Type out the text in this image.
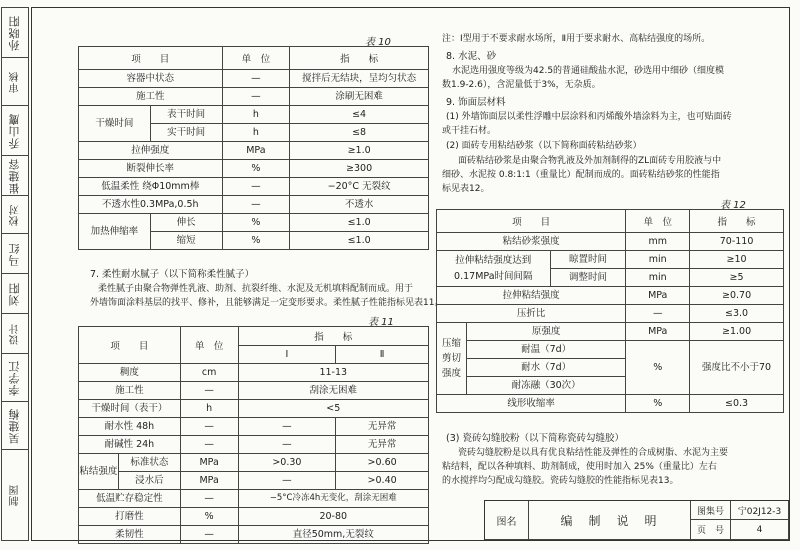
孙晓阳
审核
乔山鹰
崔建容
校对
马红
刘阳
设计
李学江
吴建梅
制图
表 10
项　　目		单　位	指　　标
容器中状态		—	搅拌后无结块，呈均匀状态
施工性		—	涂刷无困难
干燥时间	表干时间	h	≤4
	实干时间	h	≤8
拉伸强度		MPa	≥1.0
断裂伸长率		%	≥300
低温柔性 绕Φ10mm棒		—	−20°C 无裂纹
不透水性0.3MPa,0.5h		—	不透水
加热伸缩率	伸长	%	≤1.0
	缩短	%	≤1.0
7. 柔性耐水腻子（以下简称柔性腻子）
柔性腻子由聚合物弹性乳液、助剂、抗裂纤维、水泥及无机填料配制而成。用于
外墙饰面涂料基层的找平、修补，且能够满足一定变形要求。柔性腻子性能指标见表11。
表 11
项　　目		单　位	指　　标	
			Ⅰ	Ⅱ
稠度		cm	11-13	
施工性		—	刮涂无困难	
干燥时间（表干）		h	<5	
耐水性 48h		—	—	无异常
耐碱性 24h		—	—	无异常
粘结强度	标准状态	MPa	>0.30	>0.60
	浸水后	MPa	—	>0.40
低温贮存稳定性		—	−5°C冷冻4h无变化，刮涂无困难	
打磨性		%	20-80	
柔韧性		—	直径50mm,无裂纹	
注：Ⅰ型用于不要求耐水场所，Ⅱ用于要求耐水、高粘结强度的场所。
8. 水泥、砂
水泥选用强度等级为42.5的普通硅酸盐水泥，砂选用中细砂（细度模
数1.9-2.6），含泥量低于3%，无杂质。
9. 饰面层材料
(1) 外墙饰面层以柔性浮雕中层涂料和丙烯酸外墙涂料为主，也可贴面砖
或干挂石材。
(2) 面砖专用粘结砂浆（以下简称面砖粘结砂浆）
面砖粘结砂浆是由聚合物乳液及外加剂制得的ZL面砖专用胶液与中
细砂、水泥按 0.8:1:1（重量比）配制而成的。面砖粘结砂浆的性能指
标见表12。
表 12
项　　目			单　位	指　　标
粘结砂浆强度			mm	70-110
拉伸粘结强度达到0.17MPa时间间隔		晾置时间	min	≥10
		调整时间	min	≥5
拉伸粘结强度			MPa	≥0.70
压折比			—	≤3.0
压缩剪切强度	原强度		MPa	≥1.00
	耐温（7d）		%	强度比不小于70
	耐水（7d）			
	耐冻融（30次）			
线形收缩率			%	≤0.3
(3) 瓷砖勾缝胶粉（以下简称瓷砖勾缝胶）
瓷砖勾缝胶粉是以具有优良粘结性能及弹性的合成树脂、水泥为主要
粘结料，配以各种填料、助剂制成，使用时加入 25%（重量比）左右
的水搅拌均匀配成勾缝胶。瓷砖勾缝胶的性能指标见表13。
图名	编　制　说　明
图集号 宁02J12-3
页　号	4
